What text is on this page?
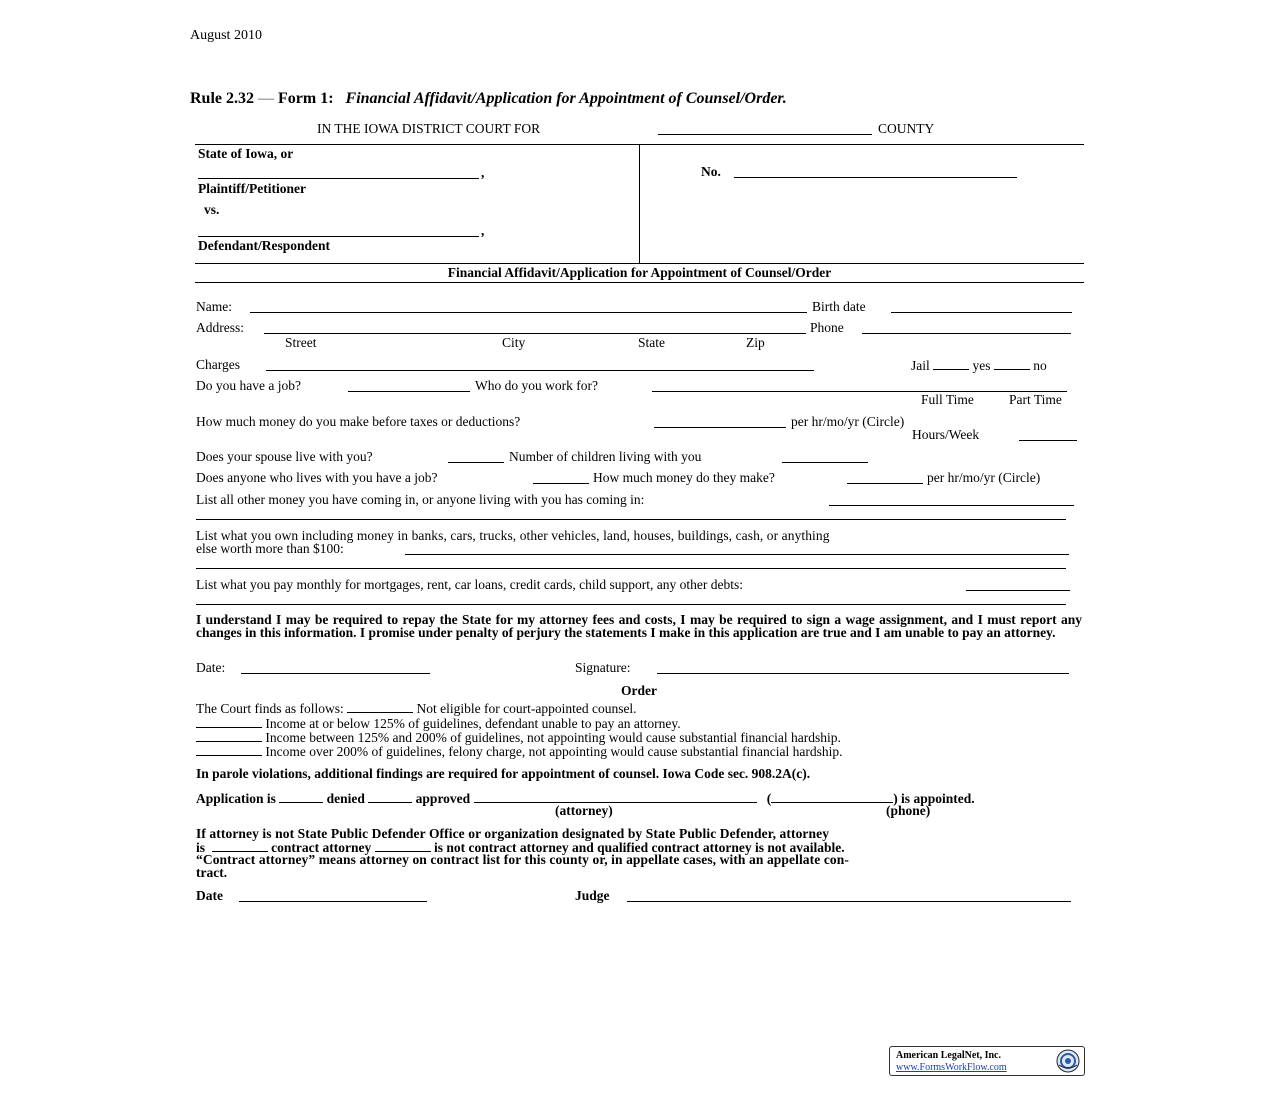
August 2010
Rule 2.32 — Form 1: Financial Affidavit/Application for Appointment of Counsel/Order.
IN THE IOWA DISTRICT COURT FOR	COUNTY
State of Iowa, or
,
Plaintiff/Petitioner
vs.
,
Defendant/Respondent
No.
Financial Affidavit/Application for Appointment of Counsel/Order
Name:	Birth date
Address:	Phone
Street	City	State	Zip
Charges	Jail	yes	no
Do you have a job?	Who do you work for?
Full Time	Part Time
How much money do you make before taxes or deductions?	per hr/mo/yr (Circle)
Hours/Week
Does your spouse live with you?	Number of children living with you
Does anyone who lives with you have a job?	How much money do they make?	per hr/mo/yr (Circle)
List all other money you have coming in, or anyone living with you has coming in:
List what you own including money in banks, cars, trucks, other vehicles, land, houses, buildings, cash, or anything
else worth more than $100:
List what you pay monthly for mortgages, rent, car loans, credit cards, child support, any other debts:
I understand I may be required to repay the State for my attorney fees and costs, I may be required to sign a wage assignment, and I must report any changes in this information. I promise under penalty of perjury the statements I make in this application are true and I am unable to pay an attorney.
Date:	Signature:
Order
The Court finds as follows:	Not eligible for court-appointed counsel.
Income at or below 125% of guidelines, defendant unable to pay an attorney.
Income between 125% and 200% of guidelines, not appointing would cause substantial financial hardship.
Income over 200% of guidelines, felony charge, not appointing would cause substantial financial hardship.
In parole violations, additional findings are required for appointment of counsel. Iowa Code sec. 908.2A(c).
Application is	denied	approved	(	) is appointed.
(attorney)	(phone)
If attorney is not State Public Defender Office or organization designated by State Public Defender, attorney
is	contract attorney	is not contract attorney and qualified contract attorney is not available.
“Contract attorney” means attorney on contract list for this county or, in appellate cases, with an appellate con-
tract.
Date	Judge
American LegalNet, Inc.
www.FormsWorkFlow.com
